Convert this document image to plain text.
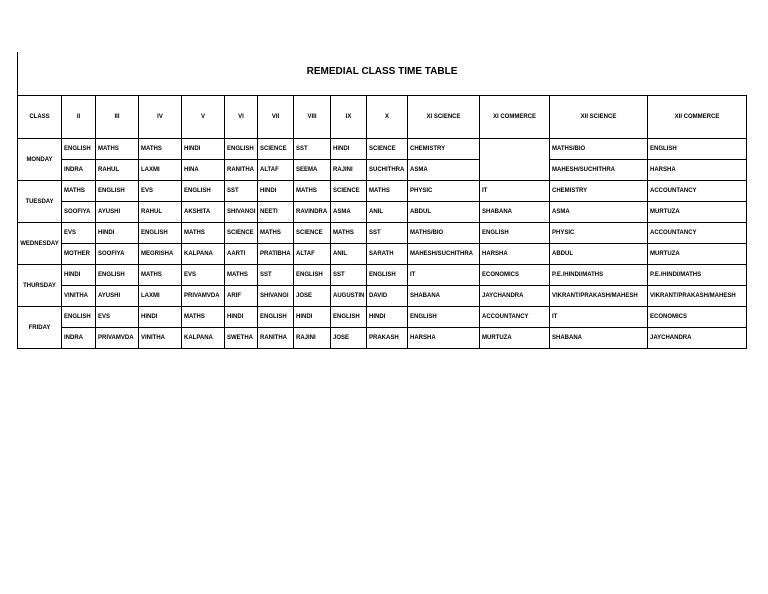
REMEDIAL CLASS TIME TABLE
CLASS	II	III	IV	V	VI	VII	VIII	IX	X	XI SCIENCE	XI COMMERCE	XII SCIENCE	XII COMMERCE
MONDAY	ENGLISH	MATHS	MATHS	HINDI	ENGLISH	SCIENCE	SST	HINDI	SCIENCE	CHEMISTRY		MATHS/BIO	ENGLISH
	INDRA	RAHUL	LAXMI	HINA	RANITHA	ALTAF	SEEMA	RAJINI	SUCHITHRA	ASMA		MAHESH/SUCHITHRA	HARSHA
TUESDAY	MATHS	ENGLISH	EVS	ENGLISH	SST	HINDI	MATHS	SCIENCE	MATHS	PHYSIC	IT	CHEMISTRY	ACCOUNTANCY
	SOOFIYA	AYUSHI	RAHUL	AKSHITA	SHIVANGI	NEETI	RAVINDRA	ASMA	ANIL	ABDUL	SHABANA	ASMA	MURTUZA
WEDNESDAY	EVS	HINDI	ENGLISH	MATHS	SCIENCE	MATHS	SCIENCE	MATHS	SST	MATHS/BIO	ENGLISH	PHYSIC	ACCOUNTANCY
	MOTHER	SOOFIYA	MEGRISHA	KALPANA	AARTI	PRATIBHA	ALTAF	ANIL	SARATH	MAHESH/SUCHITHRA	HARSHA	ABDUL	MURTUZA
THURSDAY	HINDI	ENGLISH	MATHS	EVS	MATHS	SST	ENGLISH	SST	ENGLISH	IT	ECONOMICS	P.E./HINDI/MATHS	P.E./HINDI/MATHS
	VINITHA	AYUSHI	LAXMI	PRIVAMVDA	ARIF	SHIVANGI	JOSE	AUGUSTIN	DAVID	SHABANA	JAYCHANDRA	VIKRANT/PRAKASH/MAHESH	VIKRANT/PRAKASH/MAHESH
FRIDAY	ENGLISH	EVS	HINDI	MATHS	HINDI	ENGLISH	HINDI	ENGLISH	HINDI	ENGLISH	ACCOUNTANCY	IT	ECONOMICS
	INDRA	PRIVAMVDA	VINITHA	KALPANA	SWETHA	RANITHA	RAJINI	JOSE	PRAKASH	HARSHA	MURTUZA	SHABANA	JAYCHANDRA
